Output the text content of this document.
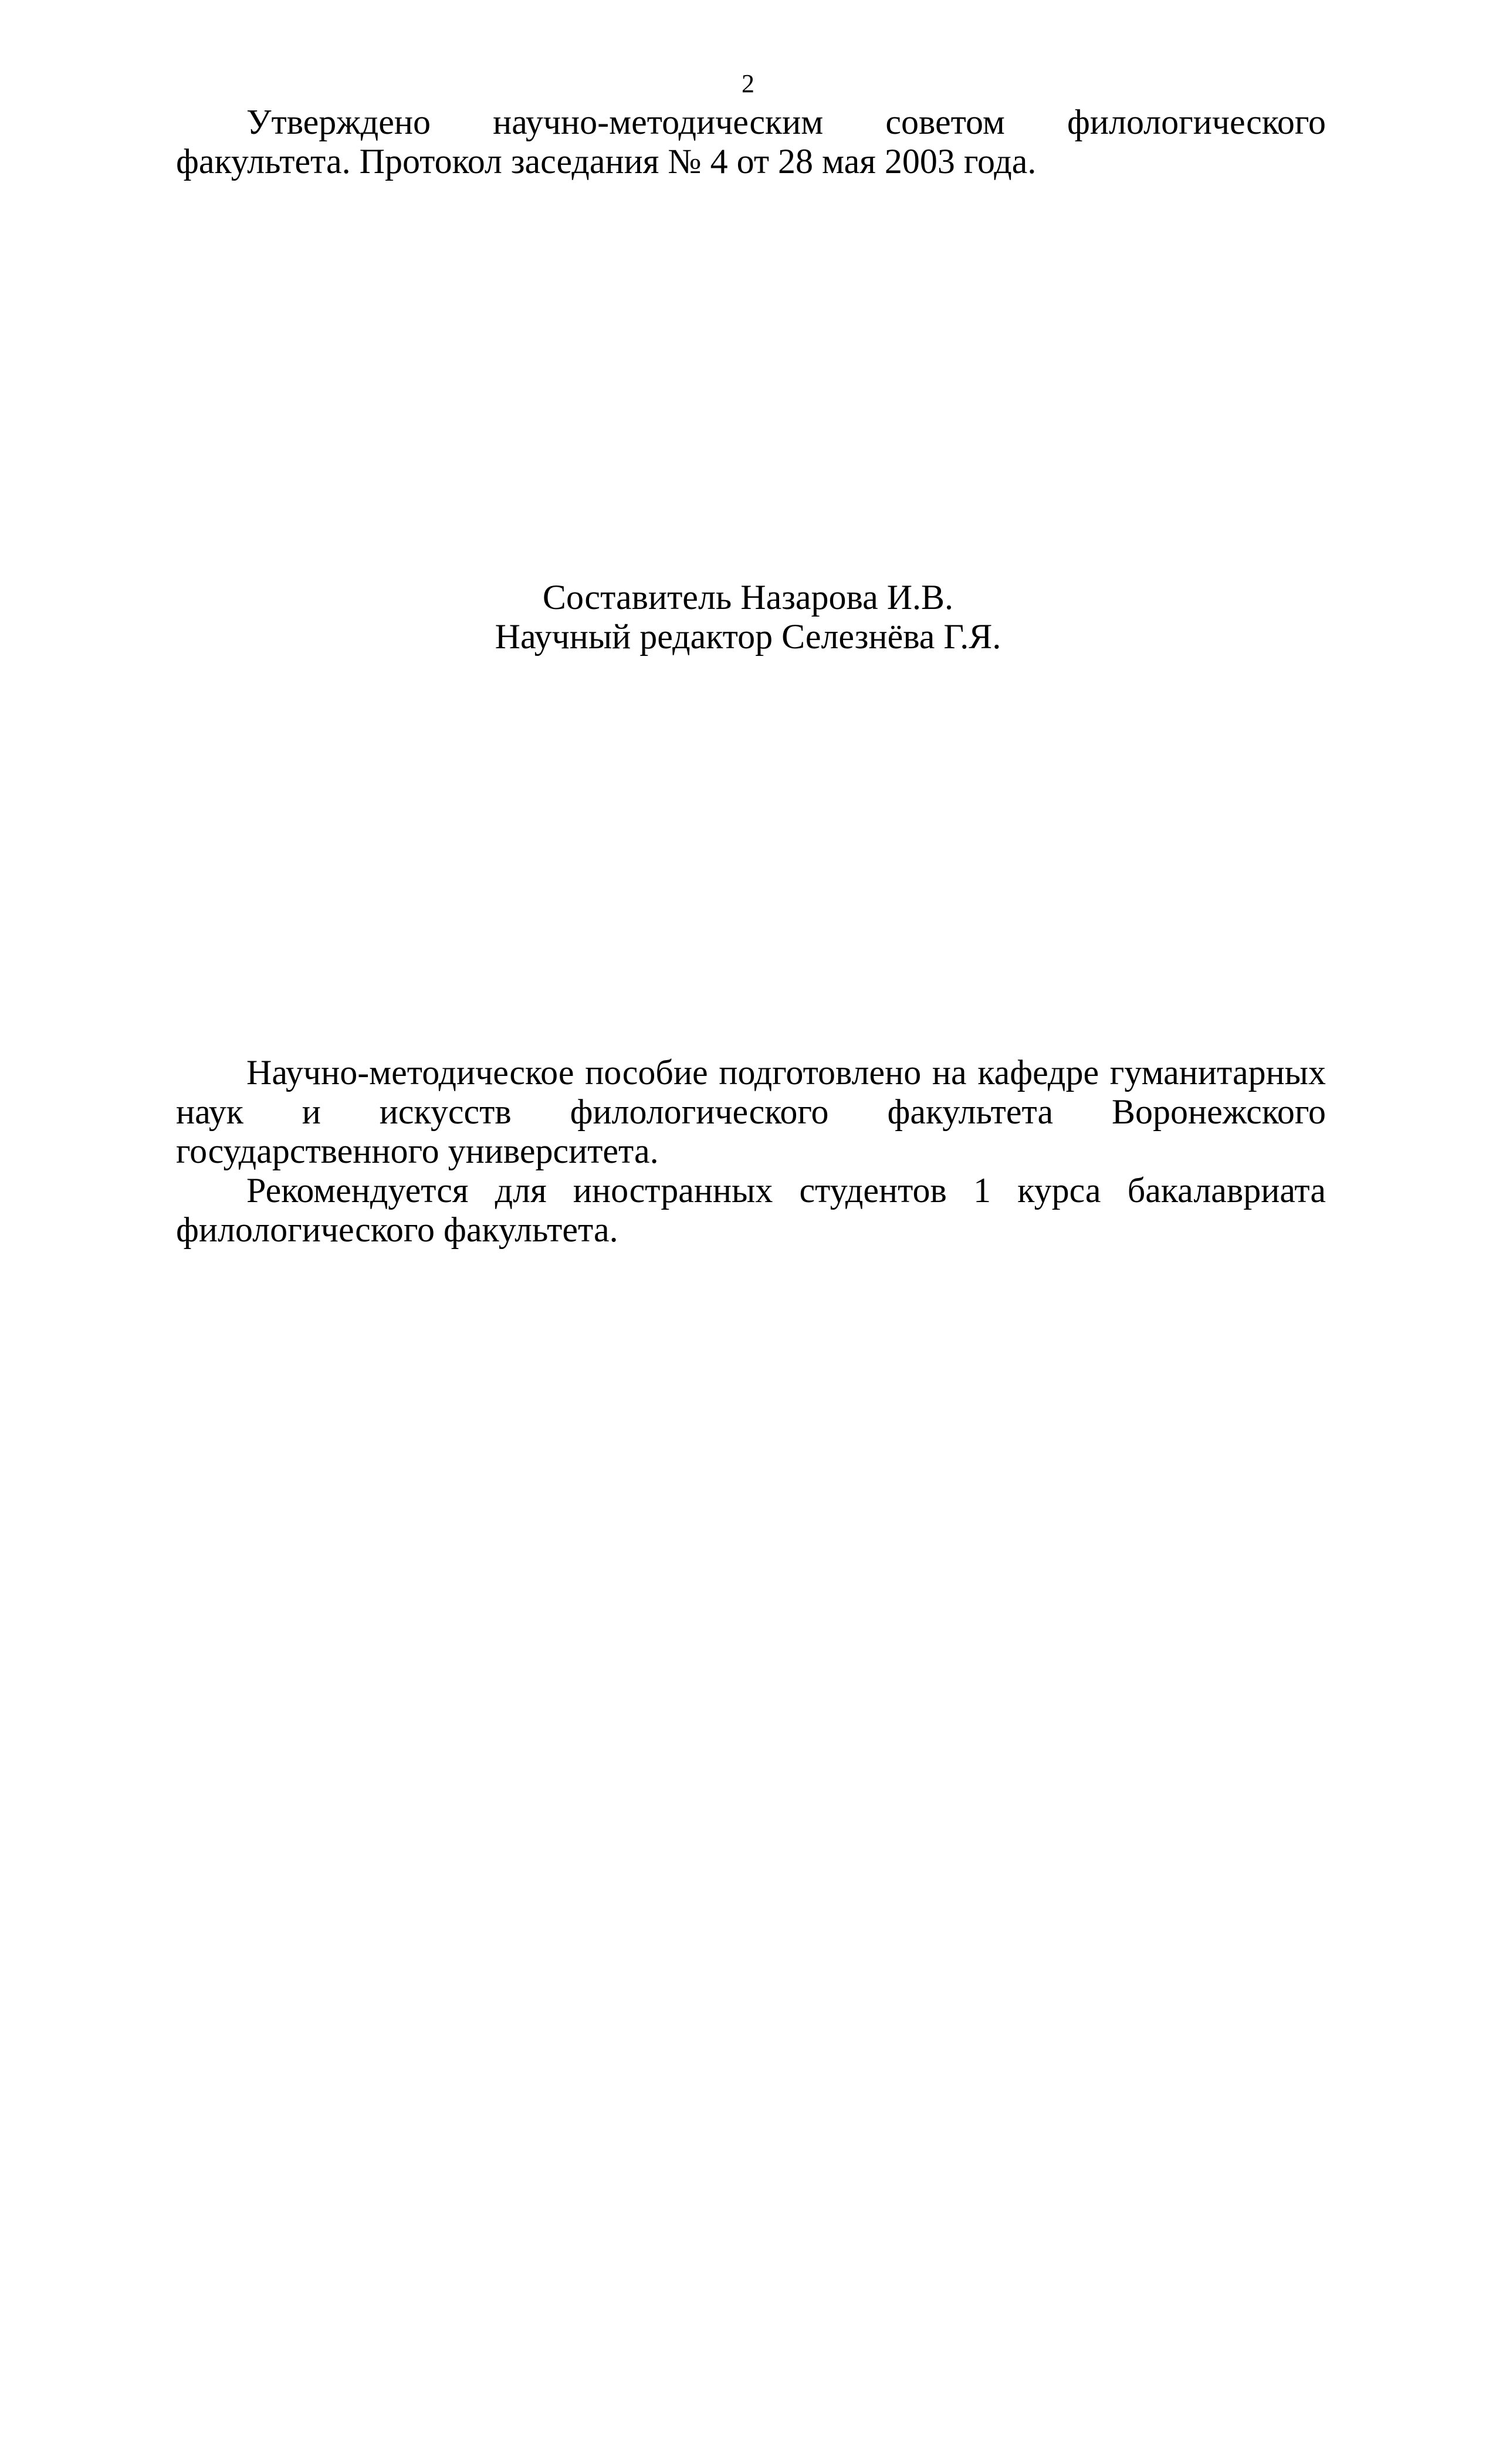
2

Утверждено научно-методическим советом филологического факультета. Протокол заседания № 4 от 28 мая 2003 года.

Составитель Назарова И.В.
Научный редактор Селезнёва Г.Я.

Научно-методическое пособие подготовлено на кафедре гуманитарных наук и искусств филологического факультета Воронежского государственного университета.

Рекомендуется для иностранных студентов 1 курса бакалавриата филологического факультета.
